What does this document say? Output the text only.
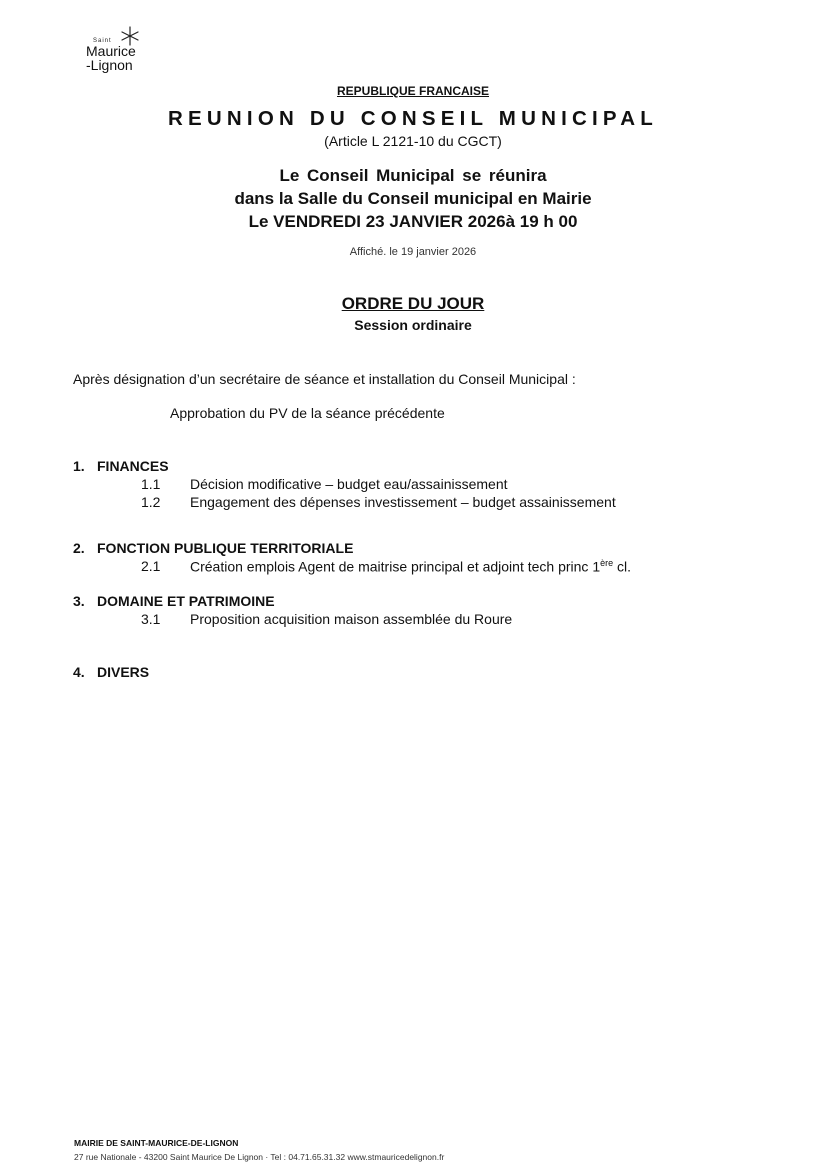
Saint
Maurice
-Lignon
REPUBLIQUE FRANCAISE
REUNION DU CONSEIL MUNICIPAL
(Article L 2121-10 du CGCT)
Le Conseil Municipal se réunira
dans la Salle du Conseil municipal en Mairie
Le VENDREDI 23 JANVIER 2026à 19 h 00
Affiché. le 19 janvier 2026
ORDRE DU JOUR
Session ordinaire
Après désignation d’un secrétaire de séance et installation du Conseil Municipal :
Approbation du PV de la séance précédente
1. FINANCES
1.1 Décision modificative – budget eau/assainissement
1.2 Engagement des dépenses investissement – budget assainissement
2. FONCTION PUBLIQUE TERRITORIALE
2.1 Création emplois Agent de maitrise principal et adjoint tech princ 1ère cl.
3. DOMAINE ET PATRIMOINE
3.1 Proposition acquisition maison assemblée du Roure
4. DIVERS
MAIRIE DE SAINT-MAURICE-DE-LIGNON
27 rue Nationale - 43200 Saint Maurice De Lignon · Tel : 04.71.65.31.32 www.stmauricedelignon.fr
